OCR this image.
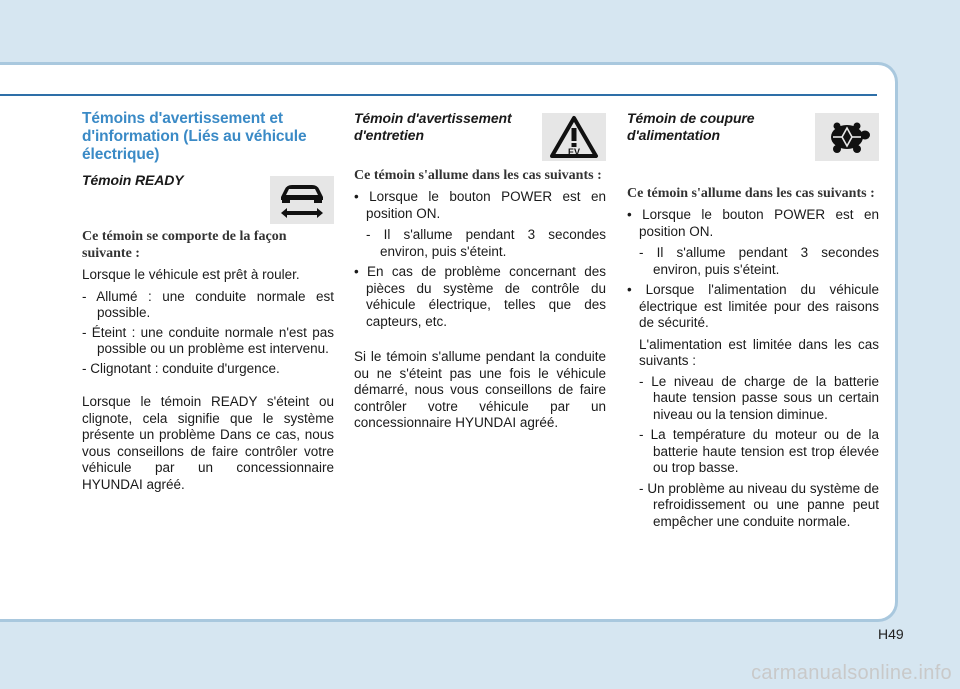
Témoins d'avertissement et d'information (Liés au véhicule électrique)
Témoin READY

Ce témoin se comporte de la façon suivante :

Lorsque le véhicule est prêt à rouler.

- Allumé : une conduite normale est possible.

- Éteint : une conduite normale n'est pas possible ou un problème est intervenu.

- Clignotant : conduite d'urgence.

Lorsque le témoin READY s'éteint ou clignote, cela signifie que le système présente un problème Dans ce cas, nous vous conseillons de faire contrôler votre véhicule par un concessionnaire HYUNDAI agréé.

Témoin d'avertissement d'entretien
EV

Ce témoin s'allume dans les cas suivants :

• Lorsque le bouton POWER est en position ON.

- Il s'allume pendant 3 secondes environ, puis s'éteint.

• En cas de problème concernant des pièces du système de contrôle du véhicule électrique, telles que des capteurs, etc.

Si le témoin s'allume pendant la conduite ou ne s'éteint pas une fois le véhicule démarré, nous vous conseillons de faire contrôler votre véhicule par un concessionnaire HYUNDAI agréé.

Témoin de coupure d'alimentation

Ce témoin s'allume dans les cas suivants :

• Lorsque le bouton POWER est en position ON.

- Il s'allume pendant 3 secondes environ, puis s'éteint.

• Lorsque l'alimentation du véhicule électrique est limitée pour des raisons de sécurité.

L'alimentation est limitée dans les cas suivants :

- Le niveau de charge de la batterie haute tension passe sous un certain niveau ou la tension diminue.

- La température du moteur ou de la batterie haute tension est trop élevée ou trop basse.

- Un problème au niveau du système de refroidissement ou une panne peut empêcher une conduite normale.

H49
carmanualsonline.info
